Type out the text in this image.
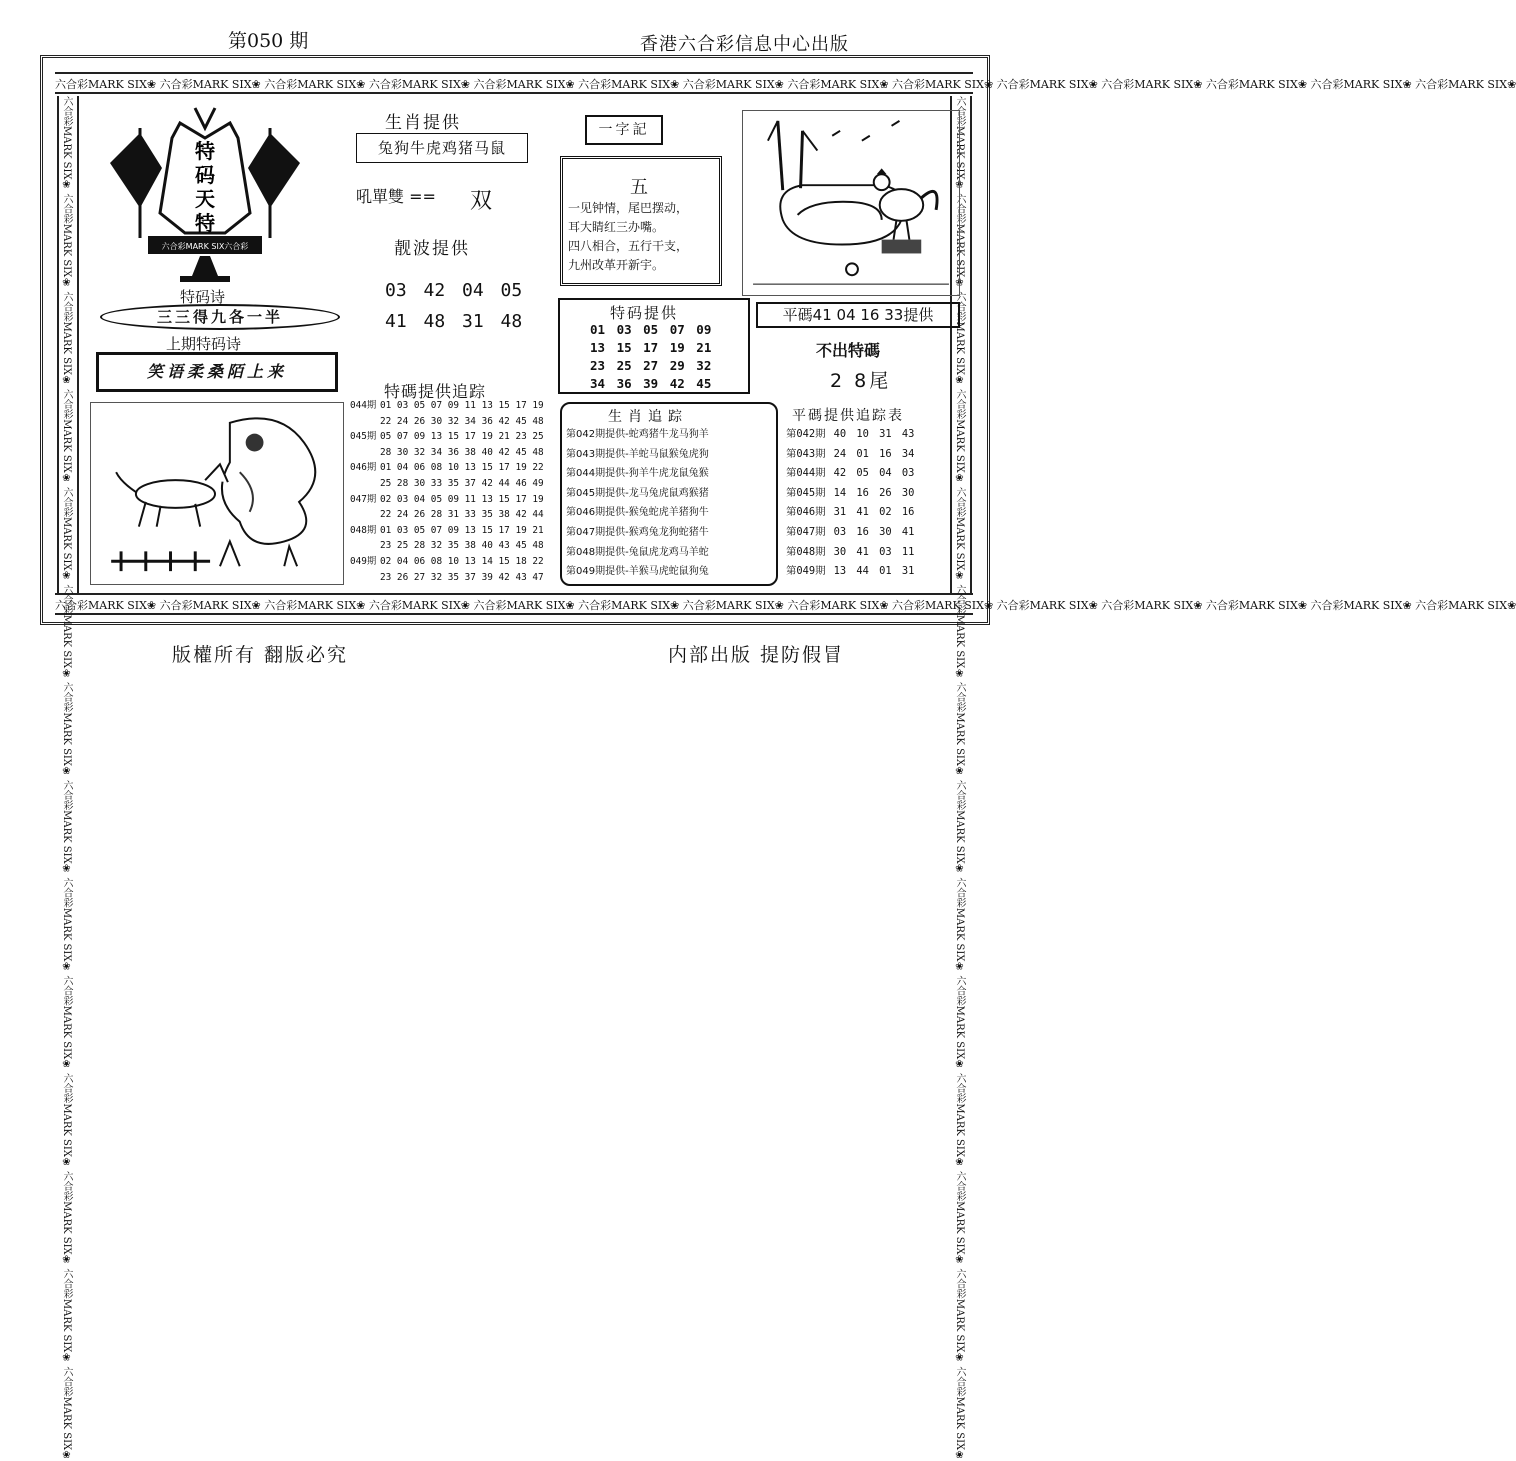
第050 期	香港六合彩信息中心出版
六合彩MARK SIX❀ 六合彩MARK SIX❀ 六合彩MARK SIX❀ 六合彩MARK SIX❀ 六合彩MARK SIX❀ 六合彩MARK SIX❀ 六合彩MARK SIX❀ 六合彩MARK SIX❀ 六合彩MARK SIX❀ 六合彩MARK SIX❀ 六合彩MARK SIX❀ 六合彩MARK SIX❀ 六合彩MARK SIX❀ 六合彩MARK SIX❀
六合彩MARK SIX❀ 六合彩MARK SIX❀ 六合彩MARK SIX❀ 六合彩MARK SIX❀ 六合彩MARK SIX❀ 六合彩MARK SIX❀ 六合彩MARK SIX❀ 六合彩MARK SIX❀ 六合彩MARK SIX❀ 六合彩MARK SIX❀ 六合彩MARK SIX❀ 六合彩MARK SIX❀ 六合彩MARK SIX❀ 六合彩MARK SIX❀
六合彩MARK SIX❀ 六合彩MARK SIX❀ 六合彩MARK SIX❀ 六合彩MARK SIX❀ 六合彩MARK SIX❀ 六合彩MARK SIX❀ 六合彩MARK SIX❀ 六合彩MARK SIX❀ 六合彩MARK SIX❀ 六合彩MARK SIX❀ 六合彩MARK SIX❀ 六合彩MARK SIX❀ 六合彩MARK SIX❀ 六合彩MARK SIX❀	六合彩MARK SIX❀ 六合彩MARK SIX❀ 六合彩MARK SIX❀ 六合彩MARK SIX❀ 六合彩MARK SIX❀ 六合彩MARK SIX❀ 六合彩MARK SIX❀ 六合彩MARK SIX❀ 六合彩MARK SIX❀ 六合彩MARK SIX❀ 六合彩MARK SIX❀ 六合彩MARK SIX❀ 六合彩MARK SIX❀ 六合彩MARK SIX❀
六合彩MARK SIX六合彩
特
码
天
特
特码诗
三三得九各一半
上期特码诗
笑语柔桑陌上来
生肖提供
兔狗牛虎鸡猪马鼠
吼單雙 == 双
靓波提供
03 42 04 05
41 48 31 48
特碼提供追踪
044期 01 03 05 07 09 11 13 15 17 19
22 24 26 30 32 34 36 42 45 48
045期 05 07 09 13 15 17 19 21 23 25
28 30 32 34 36 38 40 42 45 48
046期 01 04 06 08 10 13 15 17 19 22
25 28 30 33 35 37 42 44 46 49
047期 02 03 04 05 09 11 13 15 17 19
22 24 26 28 31 33 35 38 42 44
048期 01 03 05 07 09 13 15 17 19 21
23 25 28 32 35 38 40 43 45 48
049期 02 04 06 08 10 13 14 15 18 22
23 26 27 32 35 37 39 42 43 47
一字記
五
一见钟情，尾巴摆动，
耳大睛红三办嘴。
四八相合，五行干支，
九州改革开新宇。
特码提供
01 03 05 07 09
13 15 17 19 21
23 25 27 29 32
34 36 39 42 45
生肖追踪
第042期提供-蛇鸡猪牛龙马狗羊
第043期提供-羊蛇马鼠猴兔虎狗
第044期提供-狗羊牛虎龙鼠兔猴
第045期提供-龙马兔虎鼠鸡猴猪
第046期提供-猴兔蛇虎羊猪狗牛
第047期提供-猴鸡兔龙狗蛇猪牛
第048期提供-兔鼠虎龙鸡马羊蛇
第049期提供-羊猴马虎蛇鼠狗兔
平碼41 04 16 33提供
不出特碼
2 8尾
平碼提供追踪表
第042期 40 10 31 43
第043期 24 01 16 34
第044期 42 05 04 03
第045期 14 16 26 30
第046期 31 41 02 16
第047期 03 16 30 41
第048期 30 41 03 11
第049期 13 44 01 31
版權所有 翻版必究	内部出版 提防假冒
